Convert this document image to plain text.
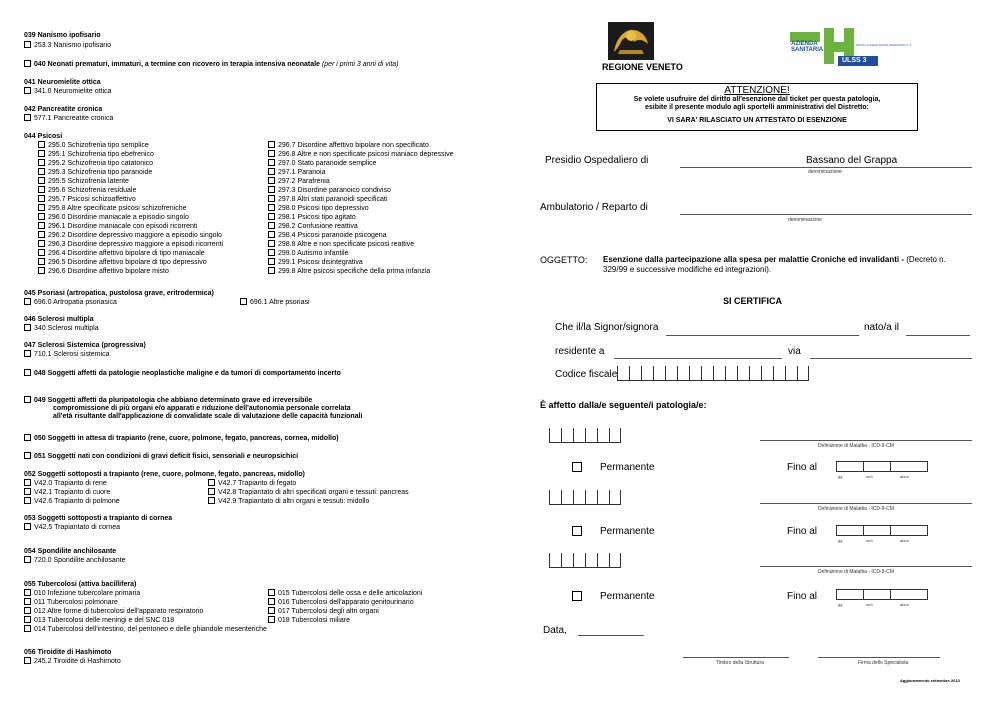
039 Nanismo ipofisario
253.3 Nanismo ipofisario
040 Neonati prematuri, immaturi, a termine con ricovero in terapia intensiva neonatale (per i primi 3 anni di vita)
041 Neuromielite ottica
341.0 Neuromielite ottica
042 Pancreatite cronica
577.1 Pancreatite cronica
044 Psicosi
295.0 Schizofrenia tipo semplice
295.1 Schizofrenia tipo ebefrenico
295.2 Schizofrenia tipo catatonico
295.3 Schizofrenia tipo paranoide
295.5 Schizofrenia latente
295.6 Schizofrenia residuale
295.7 Psicosi schizoaffettivo
295.8 Altre specificate psicosi schizofreniche
296.0 Disordine maniacale a episodio singolo
296.1 Disordine maniacale con episodi ricorrenti
296.2 Disordine depressivo maggiore a episodio singolo
296.3 Disordine depressivo maggiore a episodi ricorrenti
296.4 Disordine affettivo bipolare di tipo maniacale
296.5 Disordine affettivo bipolare di tipo depressivo
296.6 Disordine affettivo bipolare misto
296.7 Disordine affettivo bipolare non specificato
296.8 Altre e non specificate psicosi maniaco depressive
297.0 Stato paranoide semplice
297.1 Paranoia
297.2 Parafrenia
297.3 Disordine paranoico condiviso
297.8 Altri stati paranoidi specificati
298.0 Psicosi tipo depressivo
298.1 Psicosi tipo agitato
298.2 Confusione reattiva
298.4 Psicosi paranoide psicogena
298.8 Altre e non specificate psicosi reattive
299.0 Autismo infantile
299.1 Psicosi disintegrativa
299.8 Altre psicosi specifiche della prima infanzia
045 Psoriasi (artropatica, pustolosa grave, eritrodermica)
696.0 Artropatia psoriasica	696.1 Altre psoriasi
046 Sclerosi multipla
340 Sclerosi multipla
047 Sclerosi Sistemica (progressiva)
710.1 Sclerosi sistemica
048 Soggetti affetti da patologie neoplastiche maligne e da tumori di comportamento incerto
049 Soggetti affetti da pluripatologia che abbiano determinato grave ed irreversibile
compromissione di più organi e/o apparati e riduzione dell'autonomia personale correlata
all'età risultante dall'applicazione di convalidate scale di valutazione delle capacità funzionali
050 Soggetti in attesa di trapianto (rene, cuore, polmone, fegato, pancreas, cornea, midollo)
051 Soggetti nati con condizioni di gravi deficit fisici, sensoriali e neuropsichici
052 Soggetti sottoposti a trapianto (rene, cuore, polmone, fegato, pancreas, midollo)
V42.0 Trapianto di rene
V42.1 Trapianto di cuore
V42.6 Trapianto di polmone
V42.7 Trapianto di fegato
V42.8 Trapiantato di altri specificati organi e tessuti: pancreas
V42.9 Trapiantato di altri organi e tessuti: midollo
053 Soggetti sottoposti a trapianto di cornea
V42.5 Trapiantato di cornea
054 Spondilite anchilosante
720.0 Spondilite anchilosante
055 Tubercolosi (attiva bacillifera)
010 Infezione tubercolare primaria
011 Tubercolosi polmonare
012 Altre forme di tubercolosi dell'apparato respiratorio
013 Tubercolosi delle meningi e del SNC 018
014 Tubercolosi dell'intestino, del peritoneo e delle ghiandole mesenteriche
015 Tubercolosi delle ossa e delle articolazioni
016 Tubercolosi dell'apparato genitourinario
017 Tubercolosi degli altri organi
018 Tubercolosi miliare
056 Tiroidite di Hashimoto
245.2 Tiroidite di Hashimoto
REGIONE VENETO
AZIENDA
SANITARIA
ULSS 3
UNITÀ LOCALE SOCIO SANITARIA N° 3
ATTENZIONE!
Se volete usufruire del diritto all'esenzione dal ticket per questa patologia,
esibite il presente modulo agli sportelli amministrativi del Distretto:
VI SARA' RILASCIATO UN ATTESTATO DI ESENZIONE
Presidio Ospedaliero di	Bassano del Grappa
denominazione
Ambulatorio / Reparto di
denominazione
OGGETTO: Esenzione dalla partecipazione alla spesa per malattie Croniche ed invalidanti - (Decreto n.
329/99 e successive modifiche ed integrazioni).
SI CERTIFICA
Che il/la Signor/signora	nato/a il
residente a	via
Codice fiscale
È affetto dalla/e seguente/i patologia/e:
Definizione di Malattia - ICD-9-CM
Permanente	Fino al
gg	mm	anno
Definizione di Malattia - ICD-9-CM
Permanente	Fino al
gg	mm	anno
Definizione di Malattia - ICD-9-CM
Permanente	Fino al
gg	mm	anno
Data,
Timbro della Struttura	Firma dello Specialista
Aggiornamento settembre 2013
